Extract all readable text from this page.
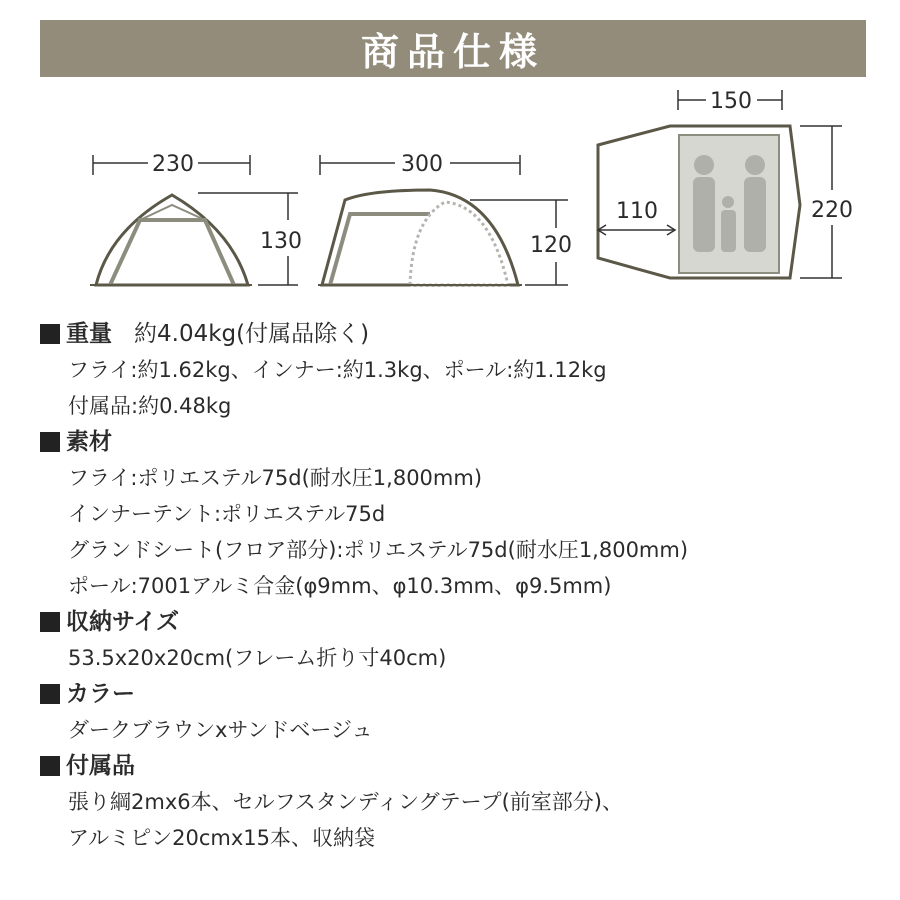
商品仕様
230
130
300
120
150
110	220
重量 約4.04kg(付属品除く)
フライ:約1.62kg、インナー:約1.3kg、ポール:約1.12kg
付属品:約0.48kg
素材
フライ:ポリエステル75d(耐水圧1,800mm)
インナーテント:ポリエステル75d
グランドシート(フロア部分):ポリエステル75d(耐水圧1,800mm)
ポール:7001アルミ合金(φ9mm、φ10.3mm、φ9.5mm)
収納サイズ
53.5x20x20cm(フレーム折り寸40cm)
カラー
ダークブラウンxサンドベージュ
付属品
張り綱2mx6本、セルフスタンディングテープ(前室部分)、
アルミピン20cmx15本、収納袋
